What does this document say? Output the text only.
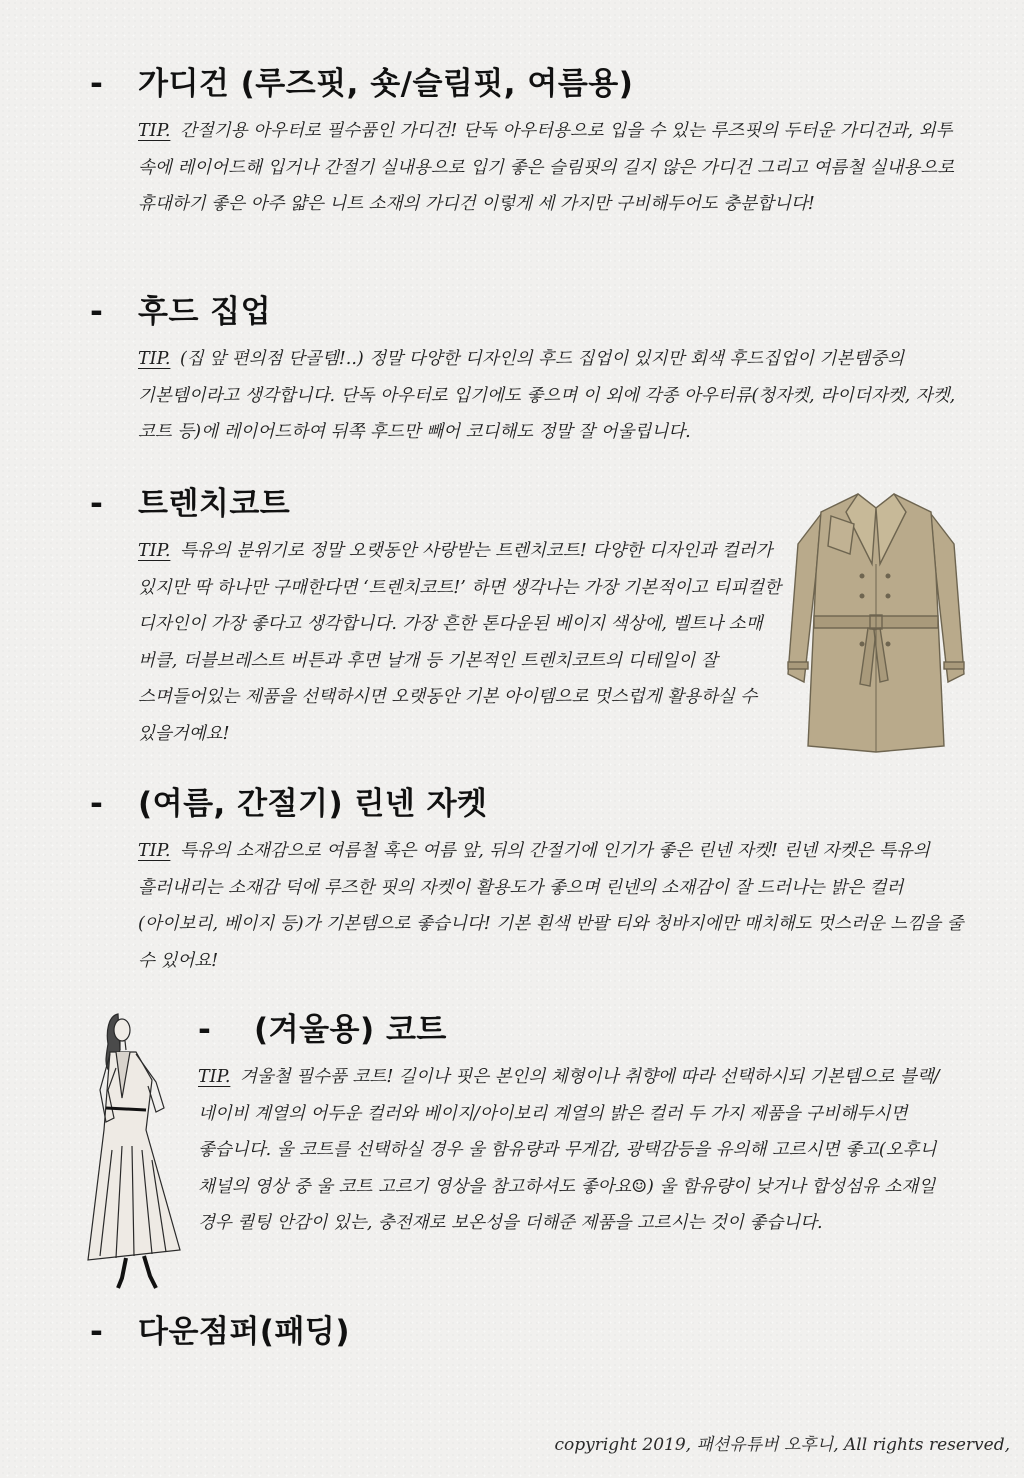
-	가디건 (루즈핏, 숏/슬림핏, 여름용)
TIP. 간절기용 아우터로 필수품인 가디건! 단독 아우터용으로 입을 수 있는 루즈핏의 두터운 가디건과, 외투 속에 레이어드해 입거나 간절기 실내용으로 입기 좋은 슬림핏의 길지 않은 가디건 그리고 여름철 실내용으로 휴대하기 좋은 아주 얇은 니트 소재의 가디건 이렇게 세 가지만 구비해두어도 충분합니다!
-	후드 집업
TIP. (집 앞 편의점 단골템!..) 정말 다양한 디자인의 후드 집업이 있지만 회색 후드집업이 기본템중의 기본템이라고 생각합니다. 단독 아우터로 입기에도 좋으며 이 외에 각종 아우터류(청자켓, 라이더자켓, 자켓, 코트 등)에 레이어드하여 뒤쪽 후드만 빼어 코디해도 정말 잘 어울립니다.
-	트렌치코트
TIP. 특유의 분위기로 정말 오랫동안 사랑받는 트렌치코트! 다양한 디자인과 컬러가 있지만 딱 하나만 구매한다면 ‘트렌치코트!’ 하면 생각나는 가장 기본적이고 티피컬한 디자인이 가장 좋다고 생각합니다. 가장 흔한 톤다운된 베이지 색상에, 벨트나 소매 버클, 더블브레스트 버튼과 후면 날개 등 기본적인 트렌치코트의 디테일이 잘 스며들어있는 제품을 선택하시면 오랫동안 기본 아이템으로 멋스럽게 활용하실 수 있을거예요!
-	(여름, 간절기) 린넨 자켓
TIP. 특유의 소재감으로 여름철 혹은 여름 앞, 뒤의 간절기에 인기가 좋은 린넨 자켓! 린넨 자켓은 특유의 흘러내리는 소재감 덕에 루즈한 핏의 자켓이 활용도가 좋으며 린넨의 소재감이 잘 드러나는 밝은 컬러(아이보리, 베이지 등)가 기본템으로 좋습니다! 기본 흰색 반팔 티와 청바지에만 매치해도 멋스러운 느낌을 줄 수 있어요!
-	(겨울용) 코트
TIP. 겨울철 필수품 코트! 길이나 핏은 본인의 체형이나 취향에 따라 선택하시되 기본템으로 블랙/네이비 계열의 어두운 컬러와 베이지/아이보리 계열의 밝은 컬러 두 가지 제품을 구비해두시면 좋습니다. 울 코트를 선택하실 경우 울 함유량과 무게감, 광택감등을 유의해 고르시면 좋고(오후니 채널의 영상 중 울 코트 고르기 영상을 참고하셔도 좋아요☺) 울 함유량이 낮거나 합성섬유 소재일 경우 퀼팅 안감이 있는, 충전재로 보온성을 더해준 제품을 고르시는 것이 좋습니다.
-	다운점퍼(패딩)
copyright 2019, 패션유튜버 오후니, All rights reserved,
